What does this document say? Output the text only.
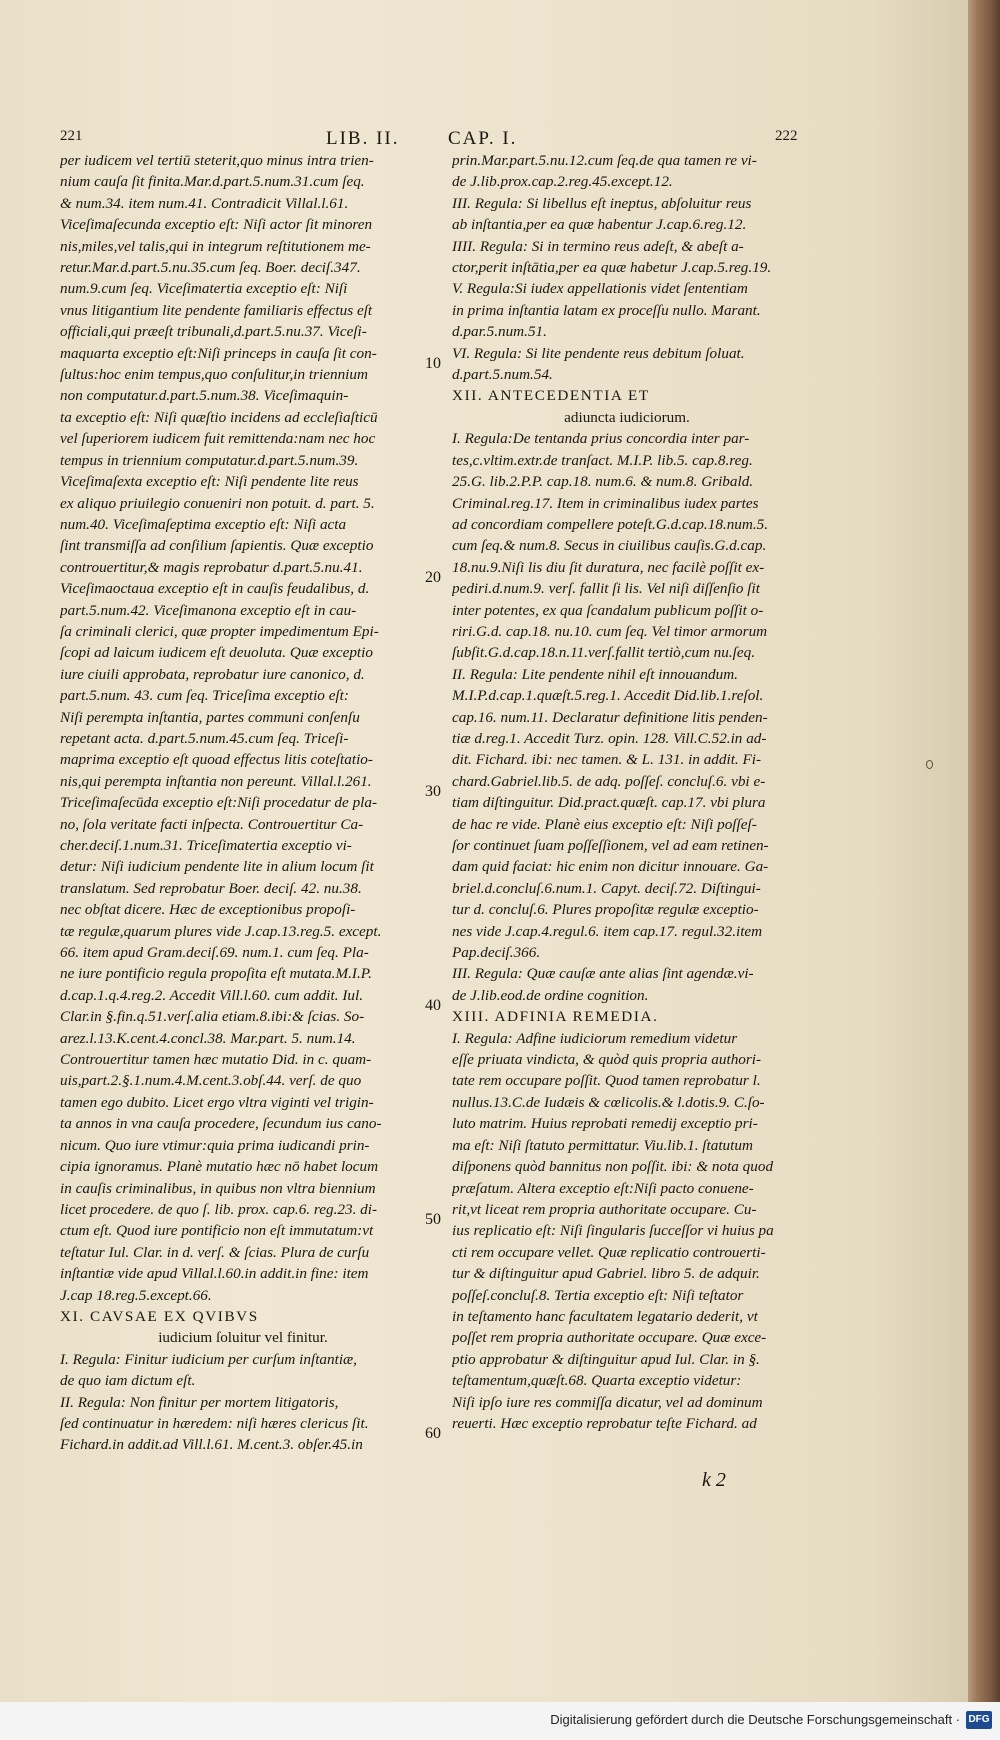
221	LIB. II.	CAP. I.	222

per iudicem vel tertiū steterit,quo minus intra trien-

nium cauſa ſit finita.Mar.d.part.5.num.31.cum ſeq.

& num.34. item num.41. Contradicit Villal.l.61.

Viceſimaſecunda exceptio eſt: Niſi actor ſit minoren

nis,miles,vel talis,qui in integrum reſtitutionem me-

retur.Mar.d.part.5.nu.35.cum ſeq. Boer. deciſ.347.

num.9.cum ſeq. Viceſimatertia exceptio eſt: Niſi

vnus litigantium lite pendente familiaris effectus eſt

officiali,qui præeſt tribunali,d.part.5.nu.37. Viceſi-

maquarta exceptio eſt:Niſi princeps in cauſa ſit con-

ſultus:hoc enim tempus,quo conſulitur,in triennium

non computatur.d.part.5.num.38. Viceſimaquin-

ta exceptio eſt: Niſi quæſtio incidens ad eccleſiaſticū

vel ſuperiorem iudicem fuit remittenda:nam nec hoc

tempus in triennium computatur.d.part.5.num.39.

Viceſimaſexta exceptio eſt: Niſi pendente lite reus

ex aliquo priuilegio conueniri non potuit. d. part. 5.

num.40. Viceſimaſeptima exceptio eſt: Niſi acta

ſint transmiſſa ad conſilium ſapientis. Quæ exceptio

controuertitur,& magis reprobatur d.part.5.nu.41.

Viceſimaoctaua exceptio eſt in cauſis feudalibus, d.

part.5.num.42. Viceſimanona exceptio eſt in cau-

ſa criminali clerici, quæ propter impedimentum Epi-

ſcopi ad laicum iudicem eſt deuoluta. Quæ exceptio

iure ciuili approbata, reprobatur iure canonico, d.

part.5.num. 43. cum ſeq. Triceſima exceptio eſt:

Niſi perempta inſtantia, partes communi conſenſu

repetant acta. d.part.5.num.45.cum ſeq. Triceſi-

maprima exceptio eſt quoad effectus litis coteſtatio-

nis,qui perempta inſtantia non pereunt. Villal.l.261.

Triceſimaſecūda exceptio eſt:Niſi procedatur de pla-

no, ſola veritate facti inſpecta. Controuertitur Ca-

cher.deciſ.1.num.31. Triceſimatertia exceptio vi-

detur: Niſi iudicium pendente lite in alium locum ſit

translatum. Sed reprobatur Boer. deciſ. 42. nu.38.

nec obſtat dicere. Hæc de exceptionibus propoſi-

tæ regulæ,quarum plures vide J.cap.13.reg.5. except.

66. item apud Gram.deciſ.69. num.1. cum ſeq. Pla-

ne iure pontificio regula propoſita eſt mutata.M.I.P.

d.cap.1.q.4.reg.2. Accedit Vill.l.60. cum addit. Iul.

Clar.in §.fin.q.51.verſ.alia etiam.8.ibi:& ſcias. So-

arez.l.13.K.cent.4.concl.38. Mar.part. 5. num.14.

Controuertitur tamen hæc mutatio Did. in c. quam-

uis,part.2.§.1.num.4.M.cent.3.obſ.44. verſ. de quo

tamen ego dubito. Licet ergo vltra viginti vel trigin-

ta annos in vna cauſa procedere, ſecundum ius cano-

nicum. Quo iure vtimur:quia prima iudicandi prin-

cipia ignoramus. Planè mutatio hæc nō habet locum

in cauſis criminalibus, in quibus non vltra biennium

licet procedere. de quo ſ. lib. prox. cap.6. reg.23. di-

ctum eſt. Quod iure pontificio non eſt immutatum:vt

teſtatur Iul. Clar. in d. verſ. & ſcias. Plura de curſu

inſtantiæ vide apud Villal.l.60.in addit.in fine: item

J.cap 18.reg.5.except.66.

XI. CAVSAE EX QVIBVS

iudicium ſoluitur vel finitur.

I. Regula: Finitur iudicium per curſum inſtantiæ,

de quo iam dictum eſt.

II. Regula: Non finitur per mortem litigatoris,

ſed continuatur in hæredem: niſi hæres clericus ſit.

Fichard.in addit.ad Vill.l.61. M.cent.3. obſer.45.in

prin.Mar.part.5.nu.12.cum ſeq.de qua tamen re vi-

de J.lib.prox.cap.2.reg.45.except.12.

III. Regula: Si libellus eſt ineptus, abſoluitur reus

ab inſtantia,per ea quæ habentur J.cap.6.reg.12.

IIII. Regula: Si in termino reus adeſt, & abeſt a-

ctor,perit inſtātia,per ea quæ habetur J.cap.5.reg.19.

V. Regula:Si iudex appellationis videt ſententiam

in prima inſtantia latam ex proceſſu nullo. Marant.

d.par.5.num.51.

VI. Regula: Si lite pendente reus debitum ſoluat.

d.part.5.num.54.

XII. ANTECEDENTIA ET

adiuncta iudiciorum.

I. Regula:De tentanda prius concordia inter par-

tes,c.vltim.extr.de tranſact. M.I.P. lib.5. cap.8.reg.

25.G. lib.2.P.P. cap.18. num.6. & num.8. Gribald.

Criminal.reg.17. Item in criminalibus iudex partes

ad concordiam compellere poteſt.G.d.cap.18.num.5.

cum ſeq.& num.8. Secus in ciuilibus cauſis.G.d.cap.

18.nu.9.Niſi lis diu ſit duratura, nec facilè poſſit ex-

pediri.d.num.9. verſ. fallit ſi lis. Vel niſi diſſenſio ſit

inter potentes, ex qua ſcandalum publicum poſſit o-

riri.G.d. cap.18. nu.10. cum ſeq. Vel timor armorum

ſubſit.G.d.cap.18.n.11.verſ.fallit tertiò,cum nu.ſeq.

II. Regula: Lite pendente nihil eſt innouandum.

M.I.P.d.cap.1.quæſt.5.reg.1. Accedit Did.lib.1.reſol.

cap.16. num.11. Declaratur definitione litis penden-

tiæ d.reg.1. Accedit Turz. opin. 128. Vill.C.52.in ad-

dit. Fichard. ibi: nec tamen. & L. 131. in addit. Fi-

chard.Gabriel.lib.5. de adq. poſſeſ. concluſ.6. vbi e-

tiam diſtinguitur. Did.pract.quæſt. cap.17. vbi plura

de hac re vide. Planè eius exceptio eſt: Niſi poſſeſ-

ſor continuet ſuam poſſeſſionem, vel ad eam retinen-

dam quid faciat: hic enim non dicitur innouare. Ga-

briel.d.concluſ.6.num.1. Capyt. deciſ.72. Diſtingui-

tur d. concluſ.6. Plures propoſitæ regulæ exceptio-

nes vide J.cap.4.regul.6. item cap.17. regul.32.item

Pap.deciſ.366.

III. Regula: Quæ cauſæ ante alias ſint agendæ.vi-

de J.lib.eod.de ordine cognition.

XIII. ADFINIA REMEDIA.

I. Regula: Adfine iudiciorum remedium videtur

eſſe priuata vindicta, & quòd quis propria authori-

tate rem occupare poſſit. Quod tamen reprobatur l.

nullus.13.C.de Iudæis & cœlicolis.& l.dotis.9. C.ſo-

luto matrim. Huius reprobati remedij exceptio pri-

ma eſt: Niſi ſtatuto permittatur. Viu.lib.1. ſtatutum

diſponens quòd bannitus non poſſit. ibi: & nota quod

præſatum. Altera exceptio eſt:Niſi pacto conuene-

rit,vt liceat rem propria authoritate occupare. Cu-

ius replicatio eſt: Niſi ſingularis ſucceſſor vi huius pa

cti rem occupare vellet. Quæ replicatio controuerti-

tur & diſtinguitur apud Gabriel. libro 5. de adquir.

poſſeſ.concluſ.8. Tertia exceptio eſt: Niſi teſtator

in teſtamento hanc facultatem legatario dederit, vt

poſſet rem propria authoritate occupare. Quæ exce-

ptio approbatur & diſtinguitur apud Iul. Clar. in §.

teſtamentum,quæſt.68. Quarta exceptio videtur:

Niſi ipſo iure res commiſſa dicatur, vel ad dominum

reuerti. Hæc exceptio reprobatur teſte Fichard. ad

10
20
30
40
50
60
k 2
Digitalisierung gefördert durch die Deutsche Forschungsgemeinschaft · DFG
